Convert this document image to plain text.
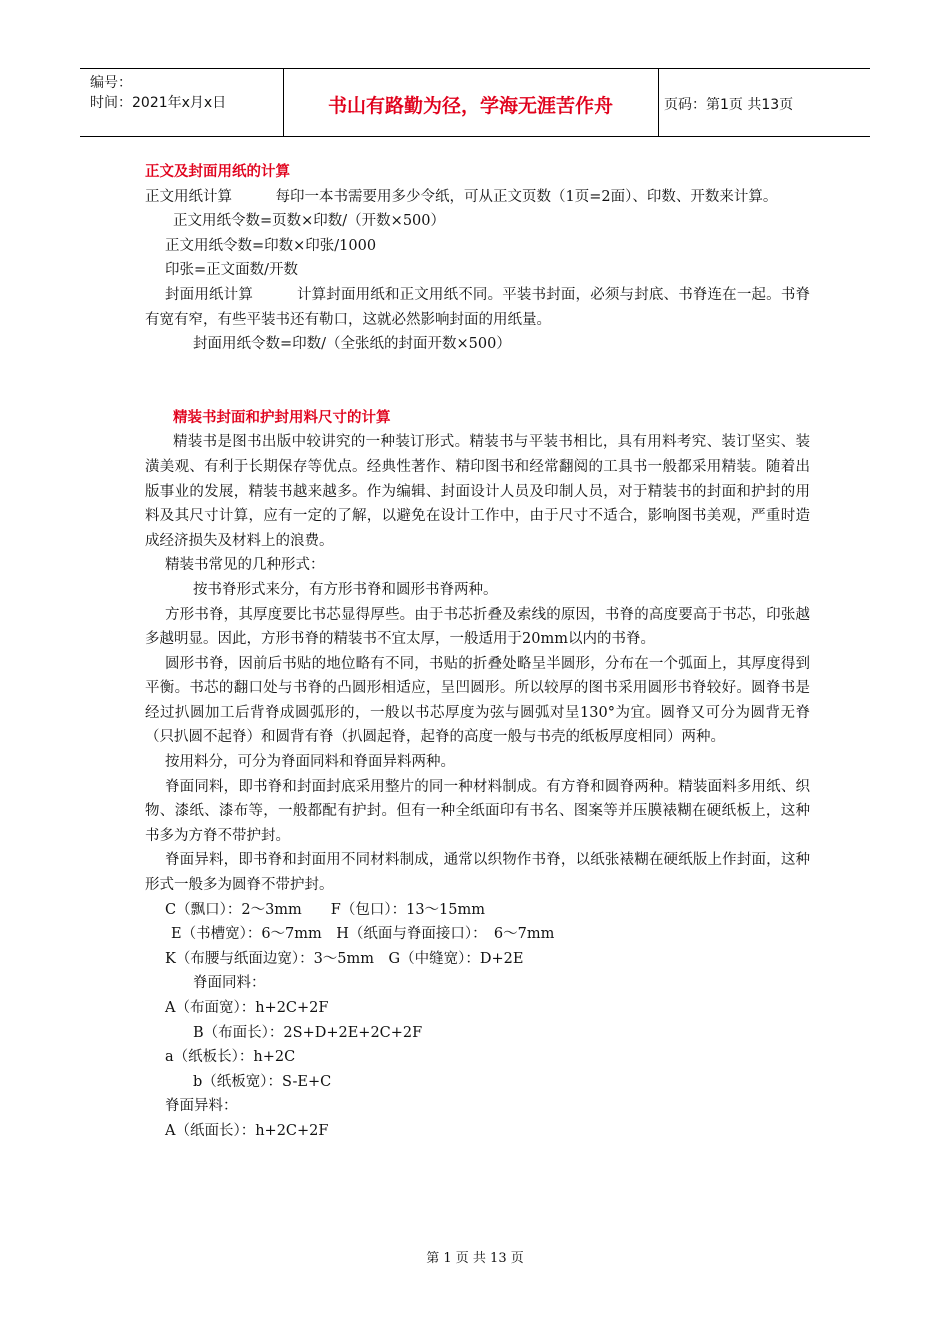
编号：
时间：2021年x月x日	书山有路勤为径，学海无涯苦作舟	页码：第1页 共13页
正文及封面用纸的计算
正文用纸计算　　　每印一本书需要用多少令纸，可从正文页数（1页=2面）、印数、开数来计算。
正文用纸令数=页数×印数/（开数×500）
正文用纸令数=印数×印张/1000
印张=正文面数/开数
封面用纸计算　　　计算封面用纸和正文用纸不同。平装书封面，必须与封底、书脊连在一起。书脊有宽有窄，有些平装书还有勒口，这就必然影响封面的用纸量。
封面用纸令数=印数/（全张纸的封面开数×500）
精装书封面和护封用料尺寸的计算
精装书是图书出版中较讲究的一种装订形式。精装书与平装书相比，具有用料考究、装订坚实、装潢美观、有利于长期保存等优点。经典性著作、精印图书和经常翻阅的工具书一般都采用精装。随着出版事业的发展，精装书越来越多。作为编辑、封面设计人员及印制人员，对于精装书的封面和护封的用料及其尺寸计算，应有一定的了解，以避免在设计工作中，由于尺寸不适合，影响图书美观，严重时造成经济损失及材料上的浪费。
精装书常见的几种形式：
按书脊形式来分，有方形书脊和圆形书脊两种。
方形书脊，其厚度要比书芯显得厚些。由于书芯折叠及索线的原因，书脊的高度要高于书芯，印张越多越明显。因此，方形书脊的精装书不宜太厚，一般适用于20mm以内的书脊。
圆形书脊，因前后书贴的地位略有不同，书贴的折叠处略呈半圆形，分布在一个弧面上，其厚度得到平衡。书芯的翻口处与书脊的凸圆形相适应，呈凹圆形。所以较厚的图书采用圆形书脊较好。圆脊书是经过扒圆加工后背脊成圆弧形的，一般以书芯厚度为弦与圆弧对呈130°为宜。圆脊又可分为圆背无脊（只扒圆不起脊）和圆背有脊（扒圆起脊，起脊的高度一般与书壳的纸板厚度相同）两种。
按用料分，可分为脊面同料和脊面异料两种。
脊面同料，即书脊和封面封底采用整片的同一种材料制成。有方脊和圆脊两种。精装面料多用纸、织物、漆纸、漆布等，一般都配有护封。但有一种全纸面印有书名、图案等并压膜裱糊在硬纸板上，这种书多为方脊不带护封。
脊面异料，即书脊和封面用不同材料制成，通常以织物作书脊，以纸张裱糊在硬纸版上作封面，这种形式一般多为圆脊不带护封。
C（飘口）：2～3mm　　F（包口）：13～15mm
E（书槽宽）：6～7mm　H（纸面与脊面接口）：　6～7mm
K（布腰与纸面边宽）：3～5mm　G（中缝宽）：D+2E
脊面同料：
A（布面宽）：h+2C+2F
B（布面长）：2S+D+2E+2C+2F
a（纸板长）：h+2C
b（纸板宽）：S-E+C
脊面异料：
A（纸面长）：h+2C+2F
第 1 页 共 13 页
